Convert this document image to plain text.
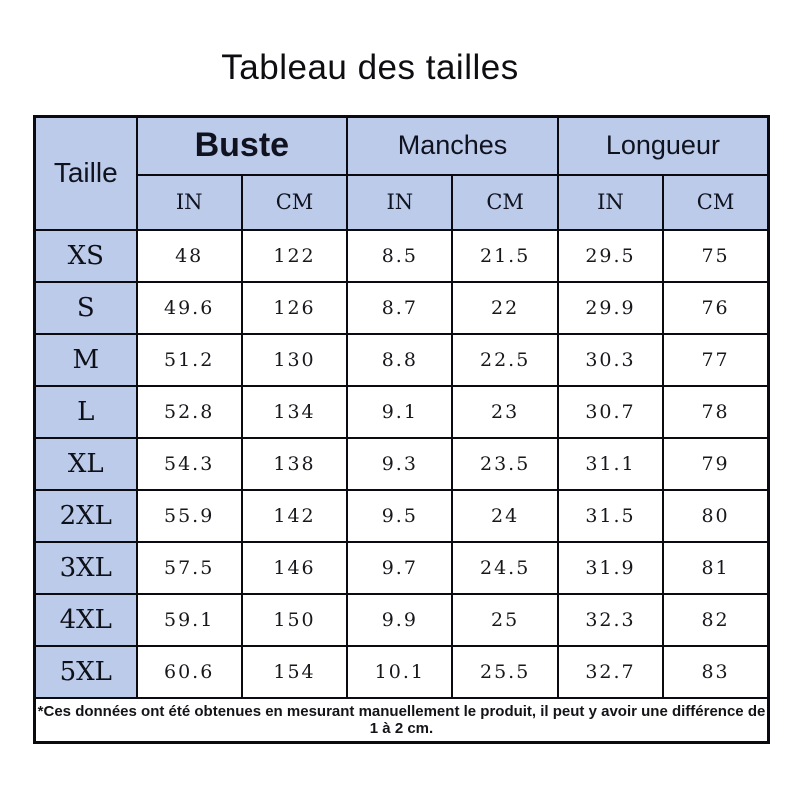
Tableau des tailles
Taille	Buste		Manches		Longueur	
	IN	CM	IN	CM	IN	CM
XS	48	122	8.5	21.5	29.5	75
S	49.6	126	8.7	22	29.9	76
M	51.2	130	8.8	22.5	30.3	77
L	52.8	134	9.1	23	30.7	78
XL	54.3	138	9.3	23.5	31.1	79
2XL	55.9	142	9.5	24	31.5	80
3XL	57.5	146	9.7	24.5	31.9	81
4XL	59.1	150	9.9	25	32.3	82
5XL	60.6	154	10.1	25.5	32.7	83
*Ces données ont été obtenues en mesurant manuellement le produit, il peut y avoir une différence de 1 à 2 cm.						
